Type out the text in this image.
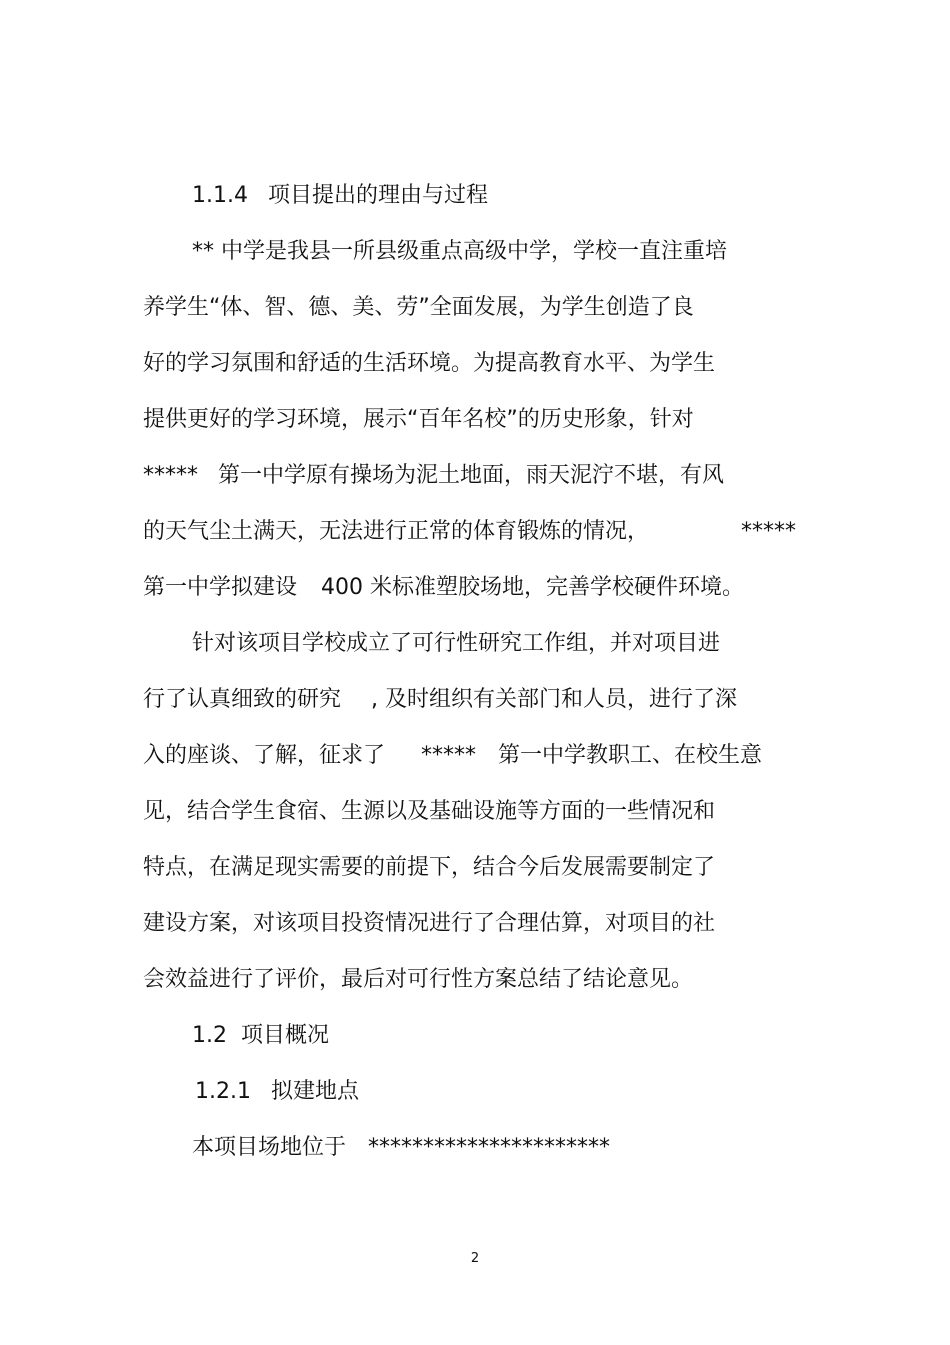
1.1.4 项目提出的理由与过程
** 中学是我县一所县级重点高级中学，学校一直注重培
养学生“体、智、德、美、劳”全面发展，为学生创造了良
好的学习氛围和舒适的生活环境。为提高教育水平、为学生
提供更好的学习环境，展示“百年名校”的历史形象，针对
***** 第一中学原有操场为泥土地面，雨天泥泞不堪，有风
的天气尘土满天，无法进行正常的体育锻炼的情况，	*****
第一中学拟建设 400 米标准塑胶场地，完善学校硬件环境。
针对该项目学校成立了可行性研究工作组，并对项目进
行了认真细致的研究 , 及时组织有关部门和人员，进行了深
入的座谈、了解，征求了 ***** 第一中学教职工、在校生意
见，结合学生食宿、生源以及基础设施等方面的一些情况和
特点，在满足现实需要的前提下，结合今后发展需要制定了
建设方案，对该项目投资情况进行了合理估算，对项目的社
会效益进行了评价，最后对可行性方案总结了结论意见。
1.2 项目概况
1.2.1 拟建地点
本项目场地位于 **********************
2
